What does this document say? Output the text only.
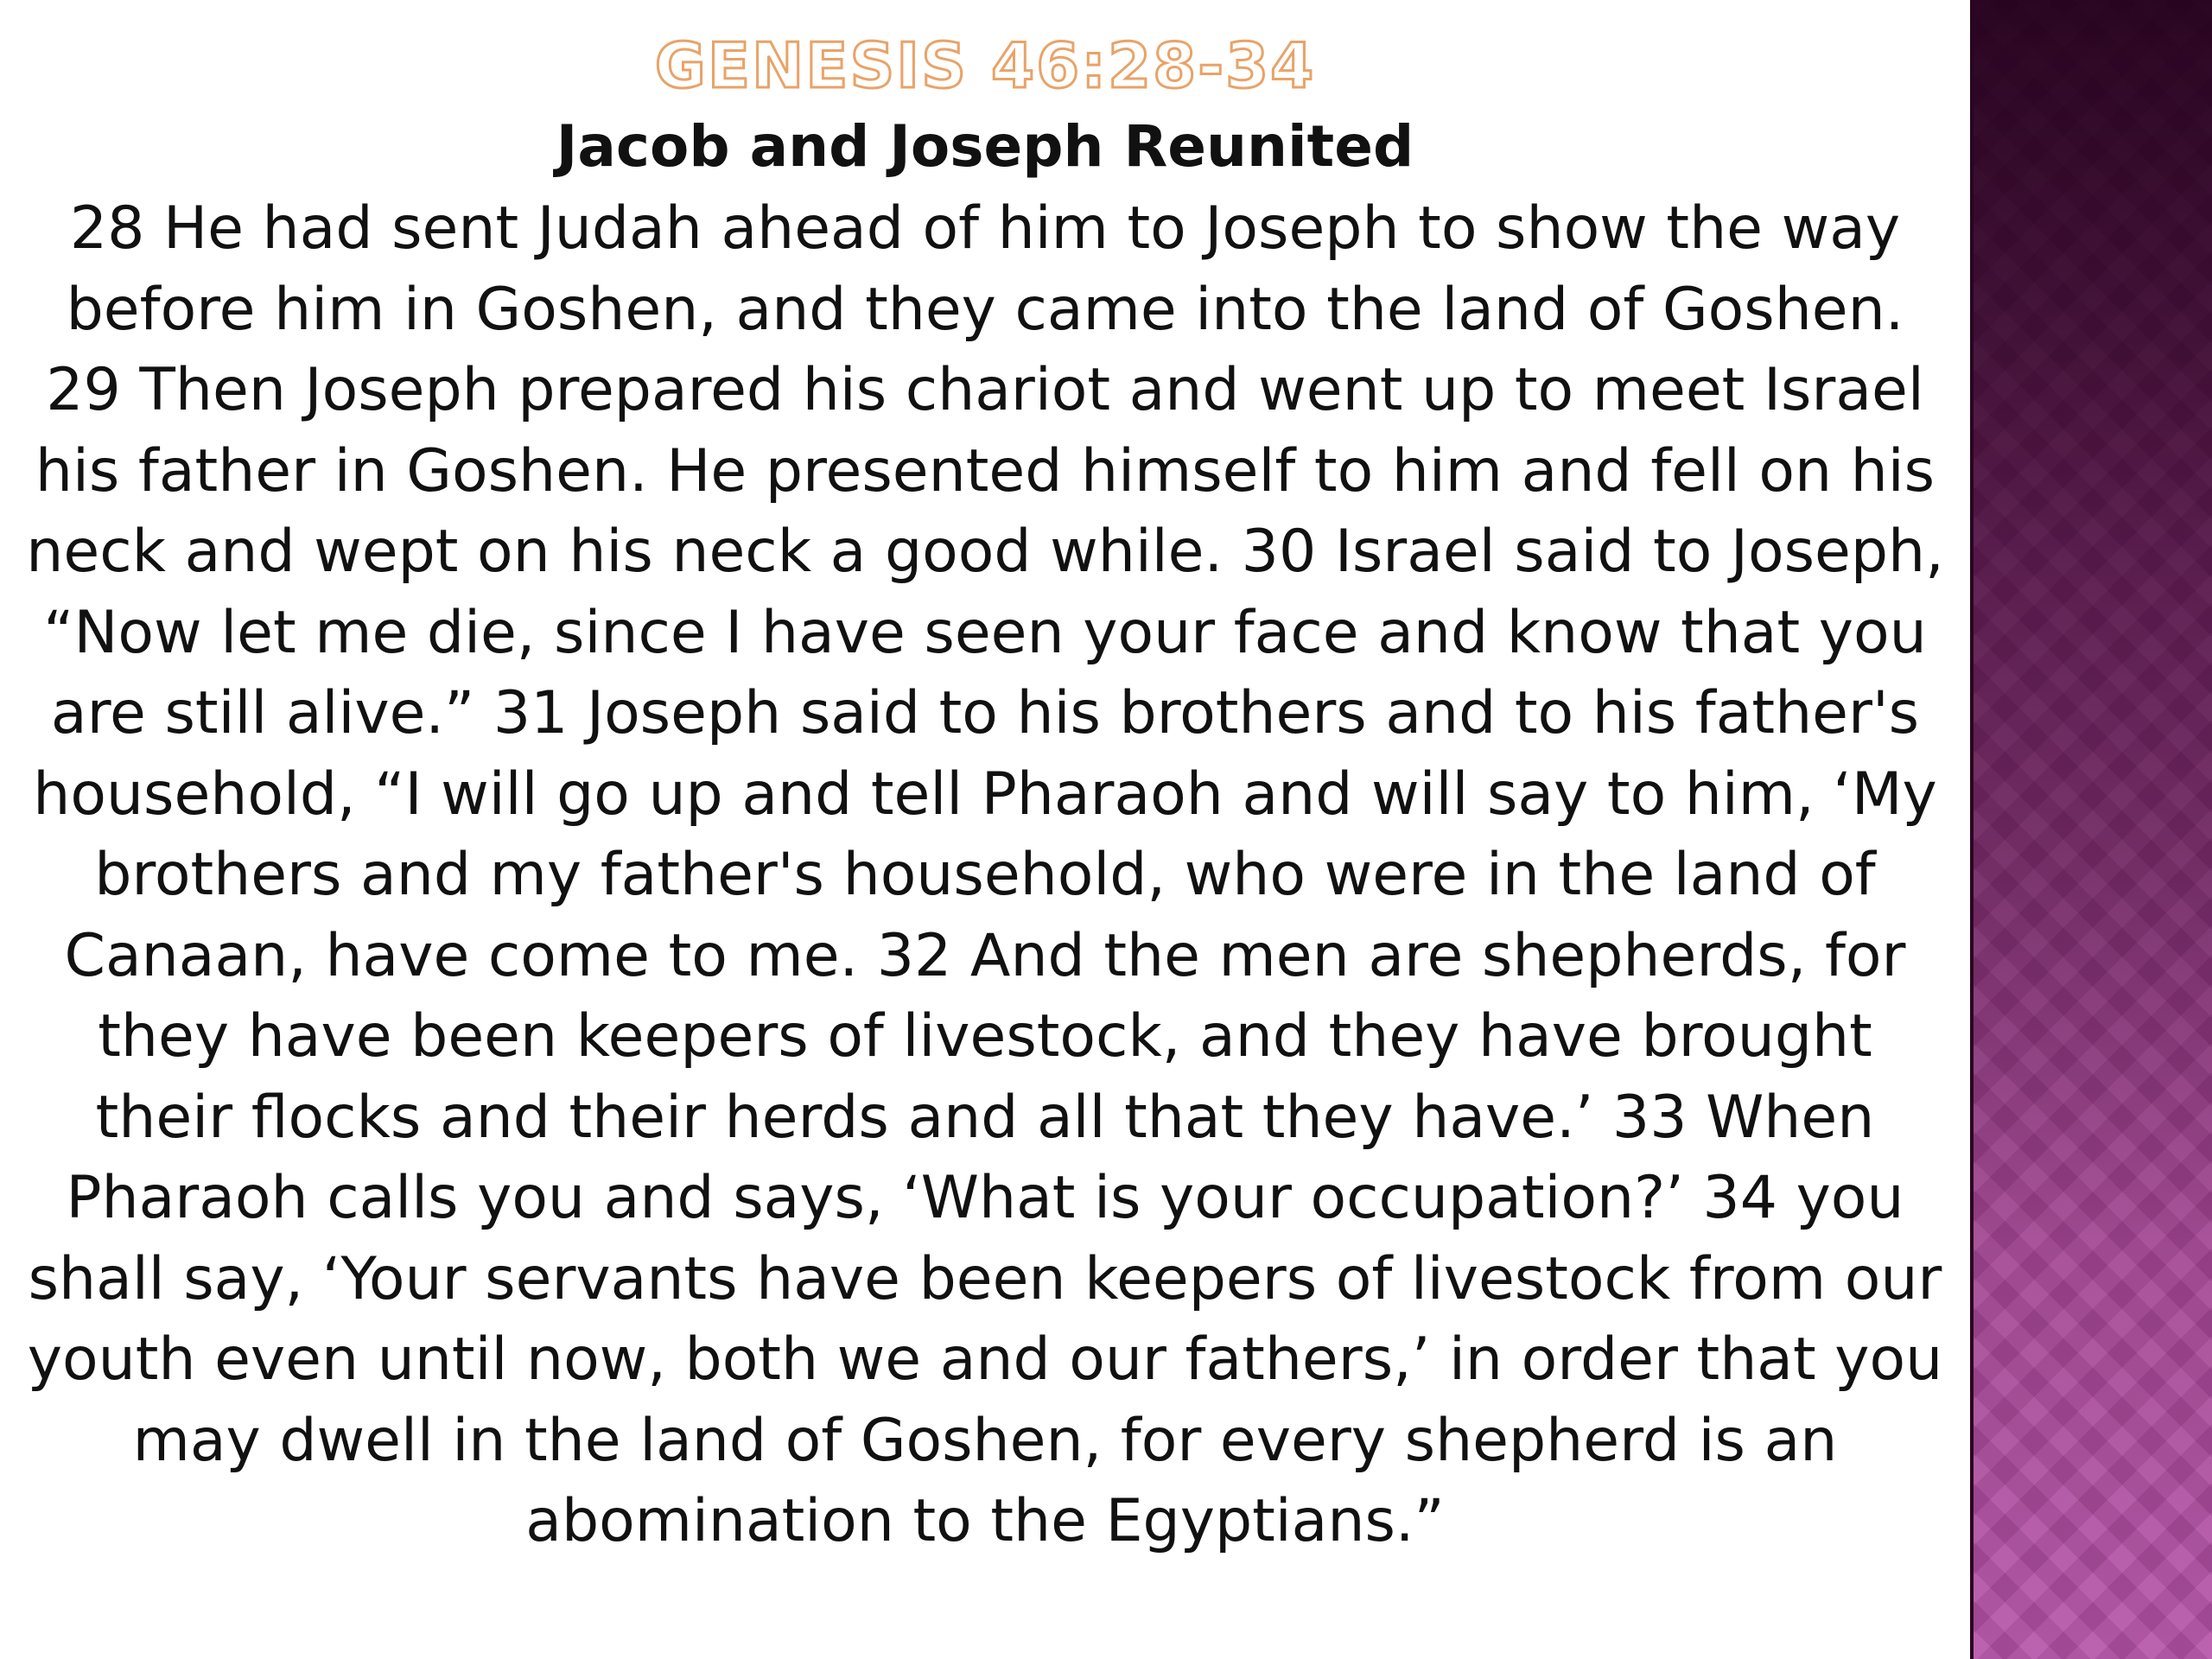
GENESIS 46:28-34
Jacob and Joseph Reunited

28 He had sent Judah ahead of him to Joseph to show the way before him in Goshen, and they came into the land of Goshen. 29 Then Joseph prepared his chariot and went up to meet Israel his father in Goshen. He presented himself to him and fell on his neck and wept on his neck a good while. 30 Israel said to Joseph, “Now let me die, since I have seen your face and know that you are still alive.” 31 Joseph said to his brothers and to his father's household, “I will go up and tell Pharaoh and will say to him, ‘My brothers and my father's household, who were in the land of Canaan, have come to me. 32 And the men are shepherds, for they have been keepers of livestock, and they have brought their flocks and their herds and all that they have.’ 33 When Pharaoh calls you and says, ‘What is your occupation?’ 34 you shall say, ‘Your servants have been keepers of livestock from our youth even until now, both we and our fathers,’ in order that you may dwell in the land of Goshen, for every shepherd is an abomination to the Egyptians.”
